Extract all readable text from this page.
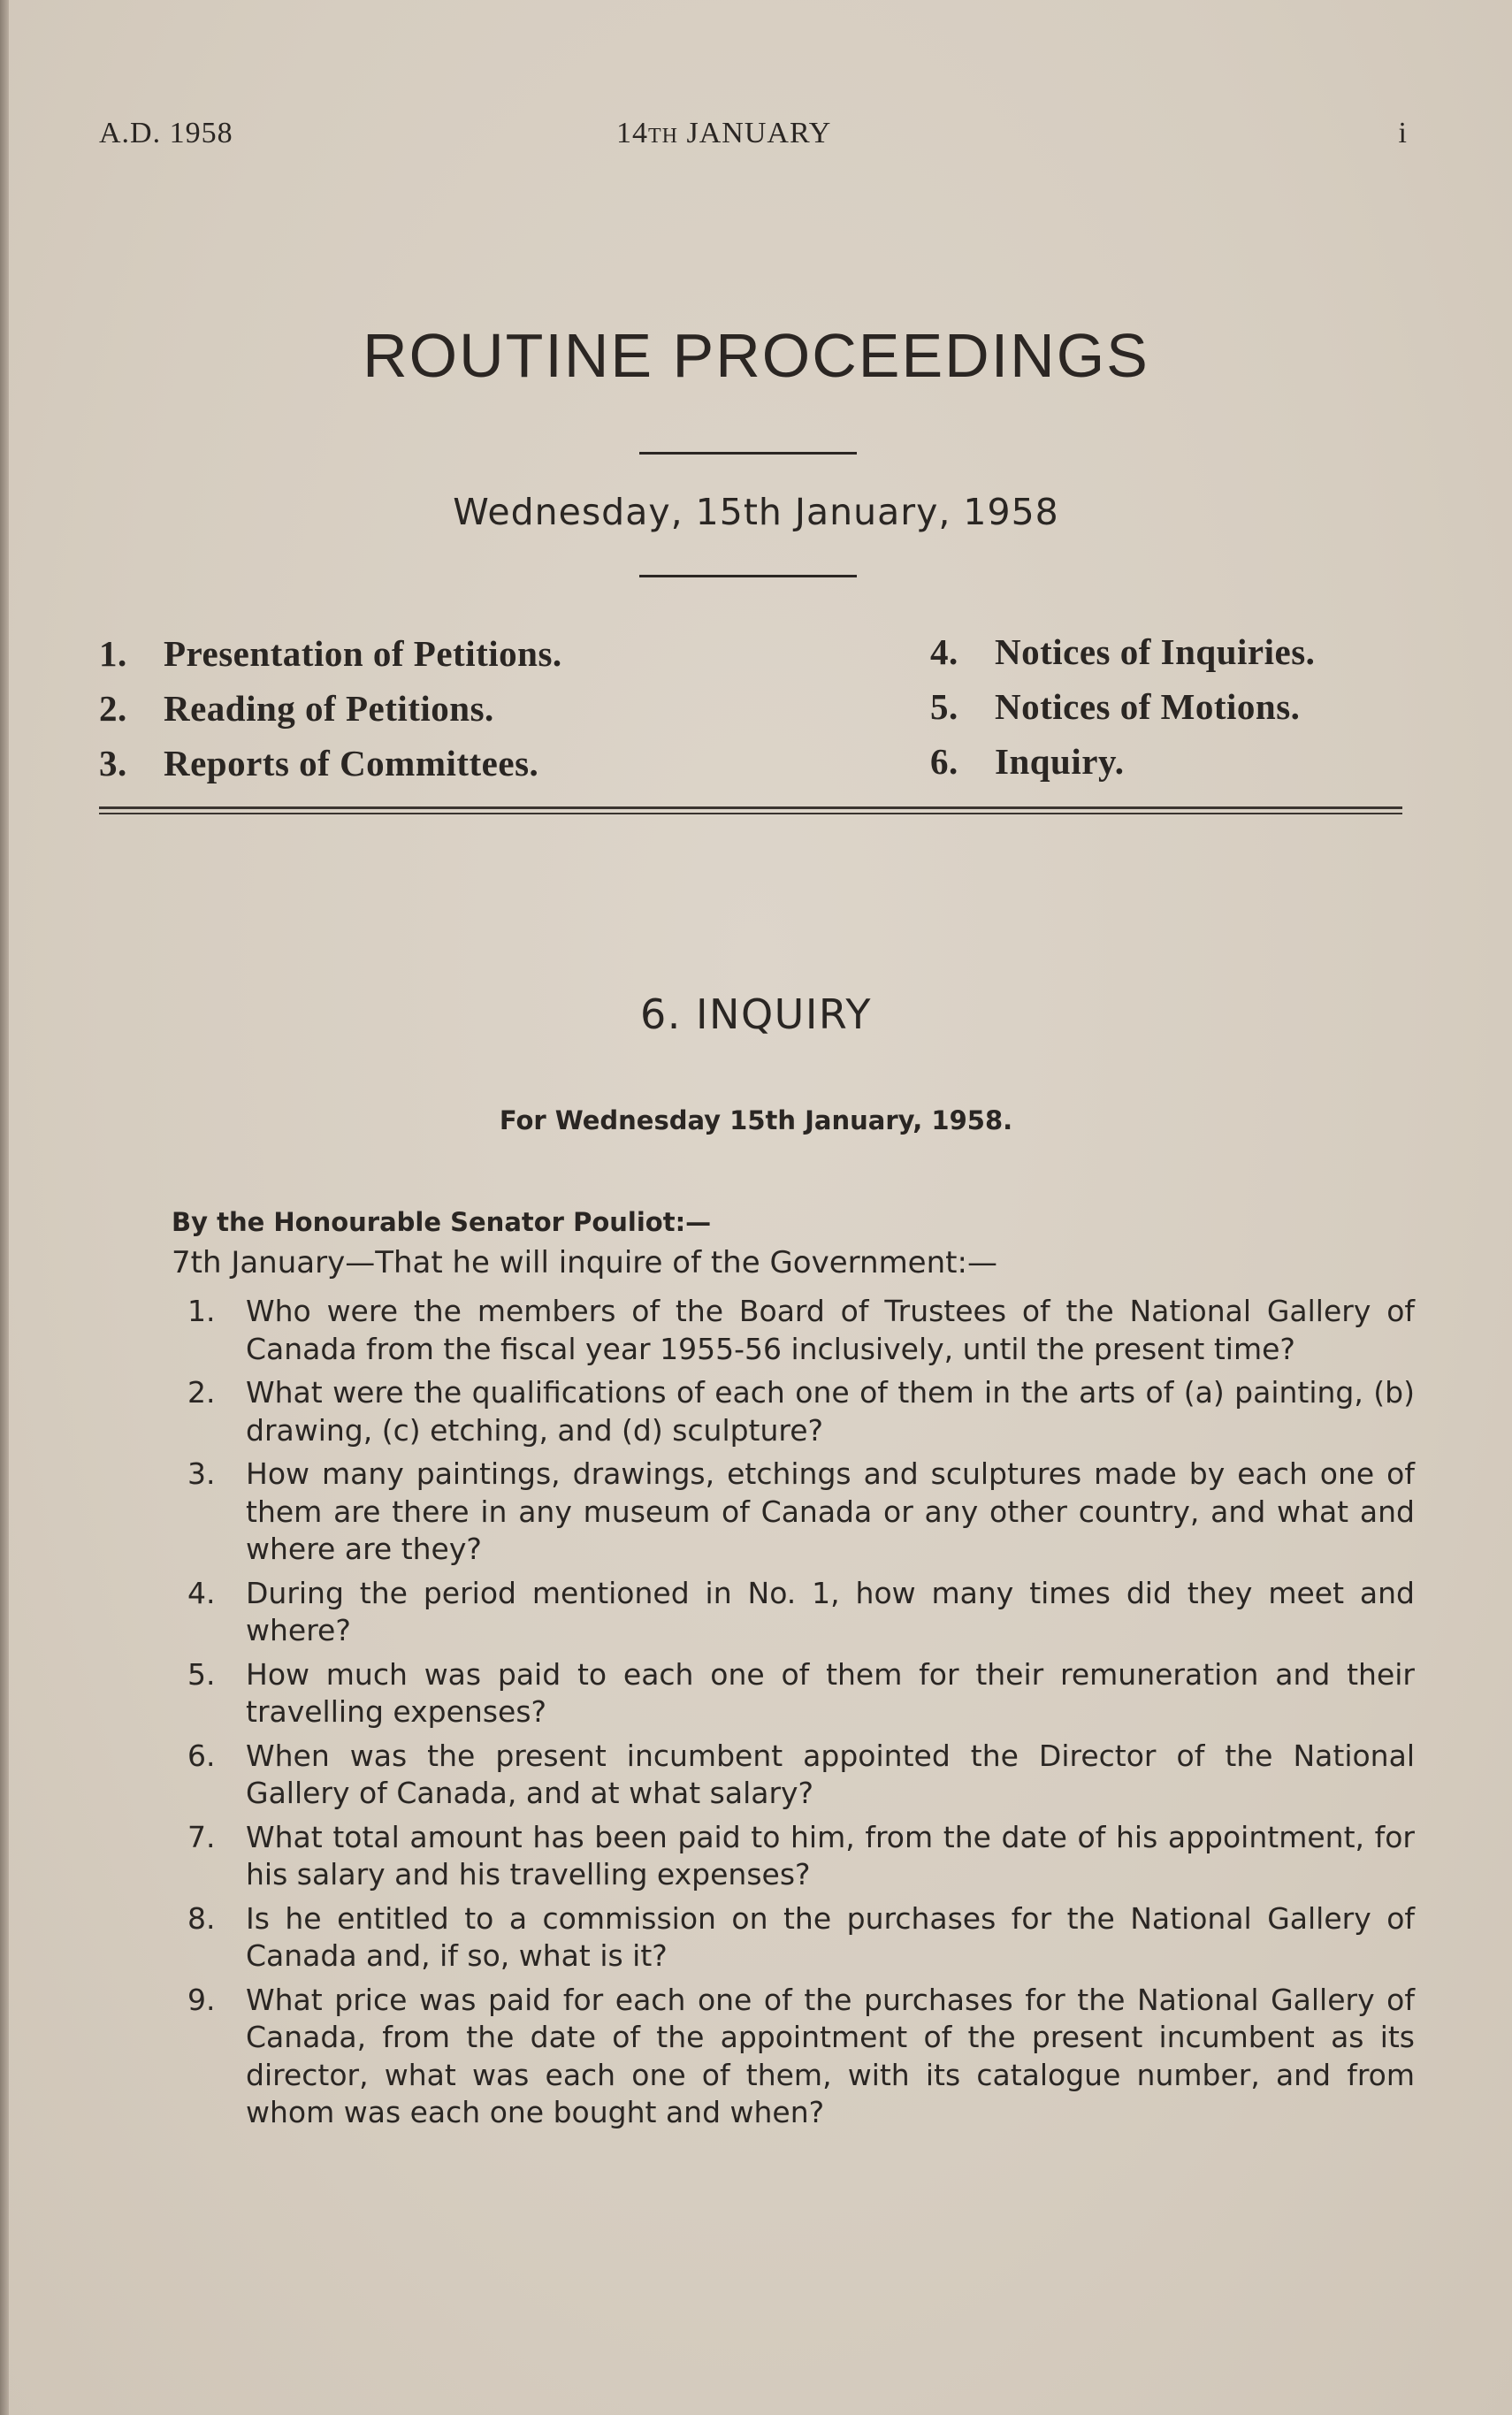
A.D. 1958	14TH JANUARY	i
ROUTINE PROCEEDINGS
Wednesday, 15th January, 1958
1. Presentation of Petitions.
2. Reading of Petitions.
3. Reports of Committees.
4. Notices of Inquiries.
5. Notices of Motions.
6. Inquiry.
6. INQUIRY
For Wednesday 15th January, 1958.
By the Honourable Senator Pouliot:—
7th January—That he will inquire of the Government:—
1. Who were the members of the Board of Trustees of the National Gallery of Canada from the fiscal year 1955-56 inclusively, until the present time?
2. What were the qualifications of each one of them in the arts of (a) painting, (b) drawing, (c) etching, and (d) sculpture?
3. How many paintings, drawings, etchings and sculptures made by each one of them are there in any museum of Canada or any other country, and what and where are they?
4. During the period mentioned in No. 1, how many times did they meet and where?
5. How much was paid to each one of them for their remuneration and their travelling expenses?
6. When was the present incumbent appointed the Director of the National Gallery of Canada, and at what salary?
7. What total amount has been paid to him, from the date of his appointment, for his salary and his travelling expenses?
8. Is he entitled to a commission on the purchases for the National Gallery of Canada and, if so, what is it?
9. What price was paid for each one of the purchases for the National Gallery of Canada, from the date of the appointment of the present incumbent as its director, what was each one of them, with its catalogue number, and from whom was each one bought and when?
